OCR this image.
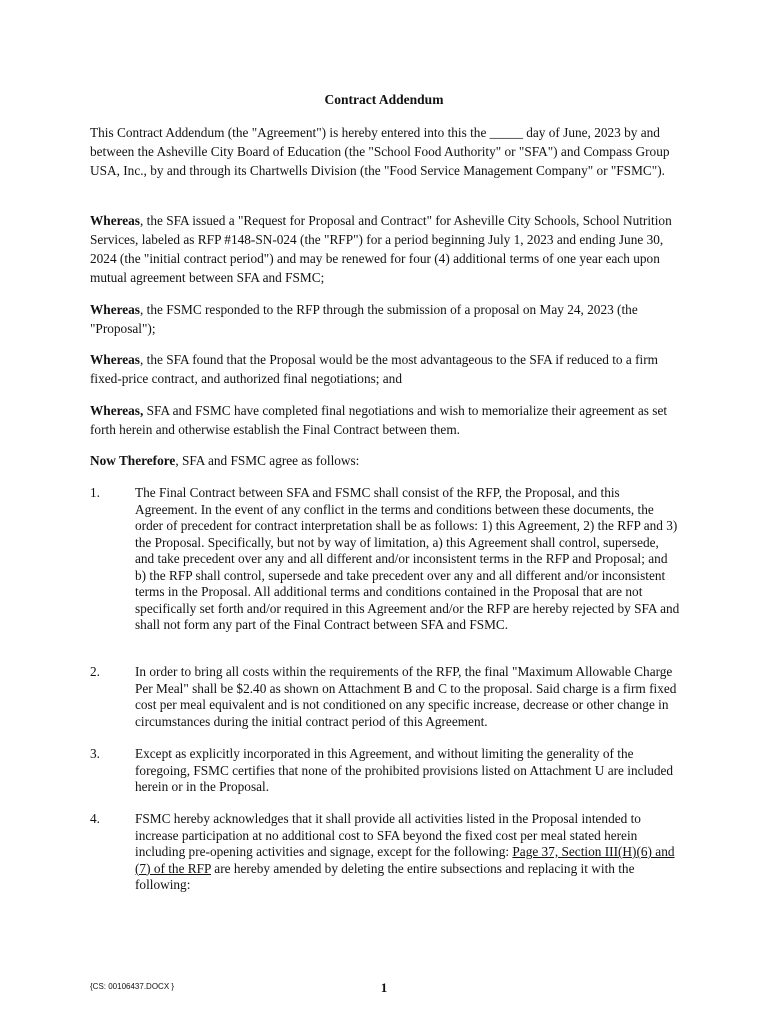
Contract Addendum
This Contract Addendum (the "Agreement") is hereby entered into this the _____ day of June, 2023 by and between the Asheville City Board of Education (the "School Food Authority" or "SFA") and Compass Group USA, Inc., by and through its Chartwells Division (the "Food Service Management Company" or "FSMC").
Whereas, the SFA issued a "Request for Proposal and Contract" for Asheville City Schools, School Nutrition Services, labeled as RFP #148-SN-024 (the "RFP") for a period beginning July 1, 2023 and ending June 30, 2024 (the "initial contract period") and may be renewed for four (4) additional terms of one year each upon mutual agreement between SFA and FSMC;
Whereas, the FSMC responded to the RFP through the submission of a proposal on May 24, 2023 (the "Proposal");
Whereas, the SFA found that the Proposal would be the most advantageous to the SFA if reduced to a firm fixed-price contract, and authorized final negotiations; and
Whereas, SFA and FSMC have completed final negotiations and wish to memorialize their agreement as set forth herein and otherwise establish the Final Contract between them.
Now Therefore, SFA and FSMC agree as follows:
1.	The Final Contract between SFA and FSMC shall consist of the RFP, the Proposal, and this Agreement. In the event of any conflict in the terms and conditions between these documents, the order of precedent for contract interpretation shall be as follows: 1) this Agreement, 2) the RFP and 3) the Proposal. Specifically, but not by way of limitation, a) this Agreement shall control, supersede, and take precedent over any and all different and/or inconsistent terms in the RFP and Proposal; and b) the RFP shall control, supersede and take precedent over any and all different and/or inconsistent terms in the Proposal. All additional terms and conditions contained in the Proposal that are not specifically set forth and/or required in this Agreement and/or the RFP are hereby rejected by SFA and shall not form any part of the Final Contract between SFA and FSMC.
2.	In order to bring all costs within the requirements of the RFP, the final "Maximum Allowable Charge Per Meal" shall be $2.40 as shown on Attachment B and C to the proposal. Said charge is a firm fixed cost per meal equivalent and is not conditioned on any specific increase, decrease or other change in circumstances during the initial contract period of this Agreement.
3.	Except as explicitly incorporated in this Agreement, and without limiting the generality of the foregoing, FSMC certifies that none of the prohibited provisions listed on Attachment U are included herein or in the Proposal.
4.	FSMC hereby acknowledges that it shall provide all activities listed in the Proposal intended to increase participation at no additional cost to SFA beyond the fixed cost per meal stated herein including pre-opening activities and signage, except for the following: Page 37, Section III(H)(6) and (7) of the RFP are hereby amended by deleting the entire subsections and replacing it with the following:
{CS: 00106437.DOCX }	1
